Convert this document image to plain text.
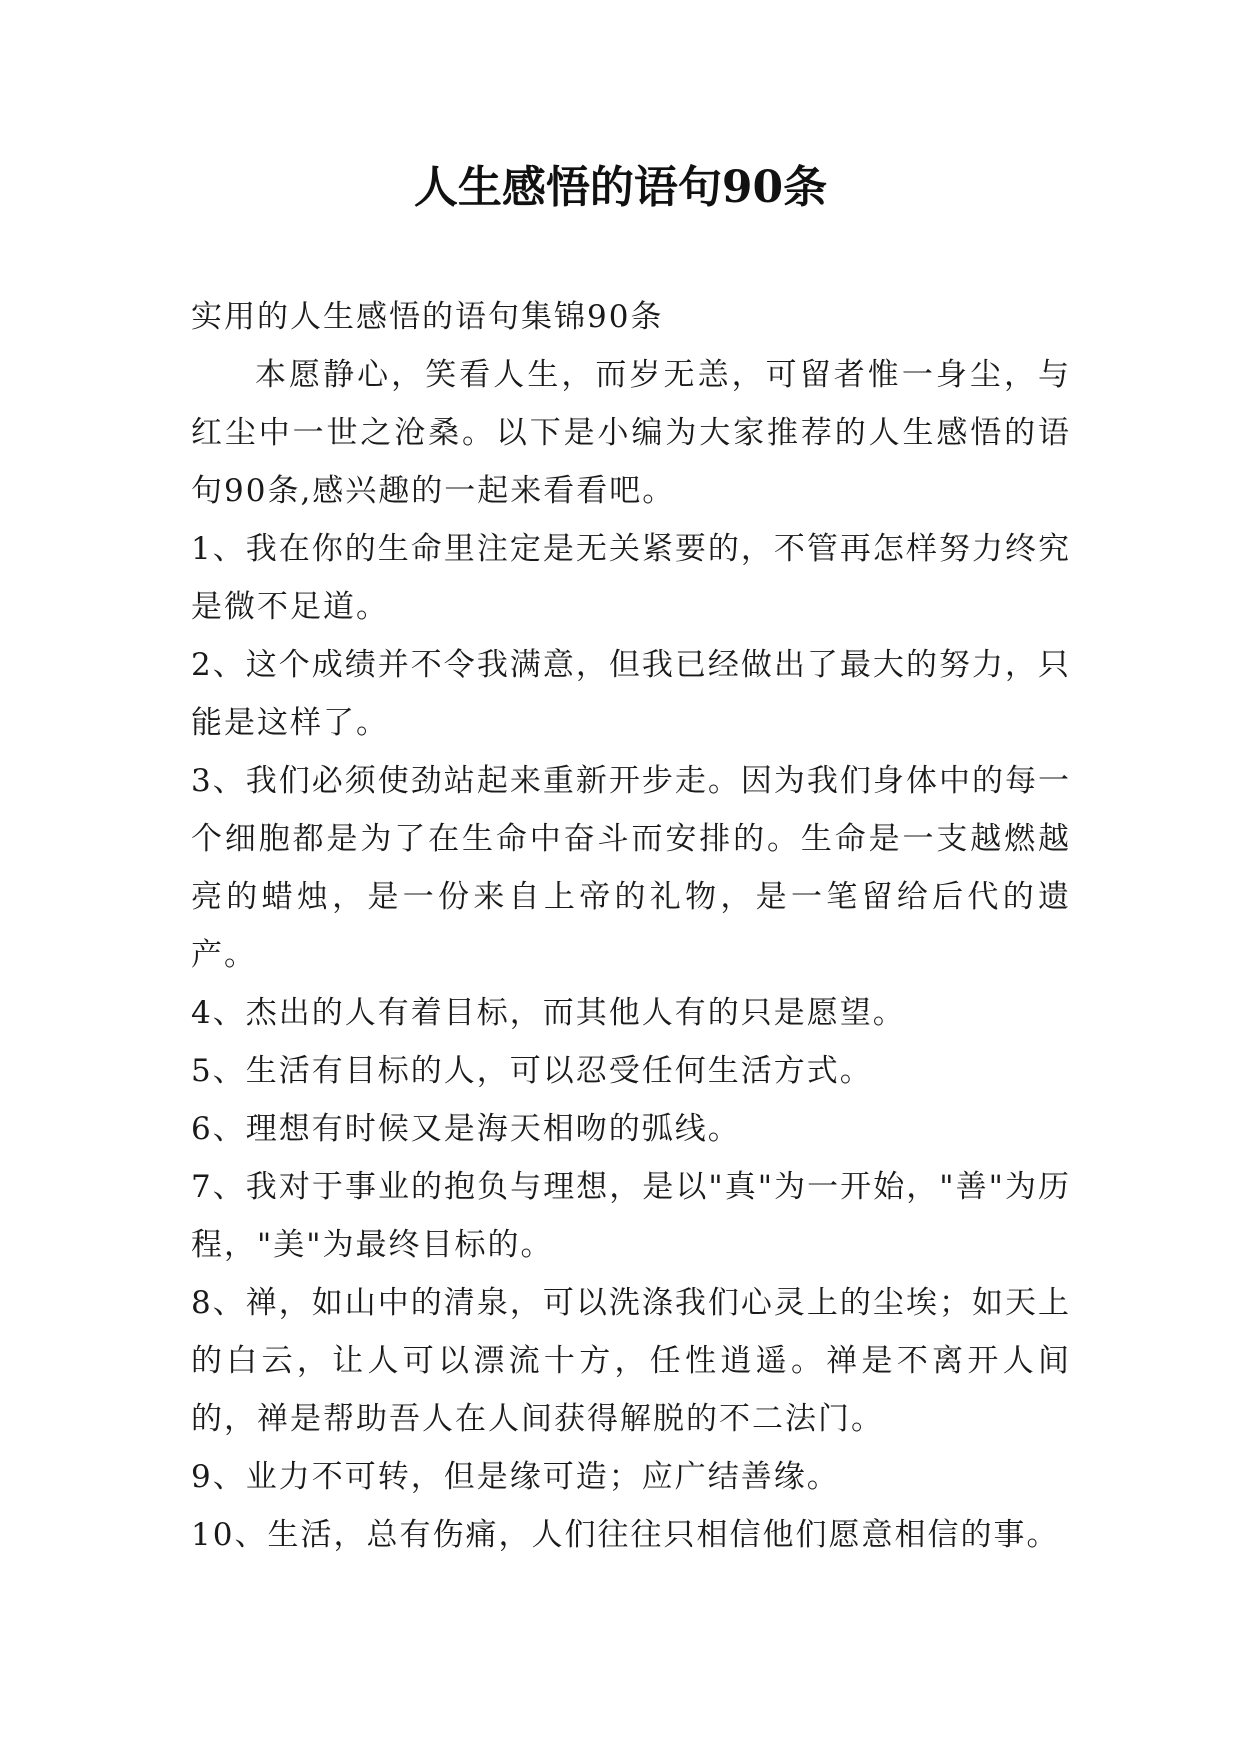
人生感悟的语句90条

实用的人生感悟的语句集锦90条

本愿静心，笑看人生，而岁无恙，可留者惟一身尘，与红尘中一世之沧桑。以下是小编为大家推荐的人生感悟的语句90条,感兴趣的一起来看看吧。

1、我在你的生命里注定是无关紧要的，不管再怎样努力终究是微不足道。

2、这个成绩并不令我满意，但我已经做出了最大的努力，只能是这样了。

3、我们必须使劲站起来重新开步走。因为我们身体中的每一个细胞都是为了在生命中奋斗而安排的。生命是一支越燃越亮的蜡烛，是一份来自上帝的礼物，是一笔留给后代的遗产。

4、杰出的人有着目标，而其他人有的只是愿望。

5、生活有目标的人，可以忍受任何生活方式。

6、理想有时候又是海天相吻的弧线。

7、我对于事业的抱负与理想，是以"真"为一开始，"善"为历程，"美"为最终目标的。

8、禅，如山中的清泉，可以洗涤我们心灵上的尘埃；如天上的白云，让人可以漂流十方，任性逍遥。禅是不离开人间的，禅是帮助吾人在人间获得解脱的不二法门。

9、业力不可转，但是缘可造；应广结善缘。

10、生活，总有伤痛，人们往往只相信他们愿意相信的事。
